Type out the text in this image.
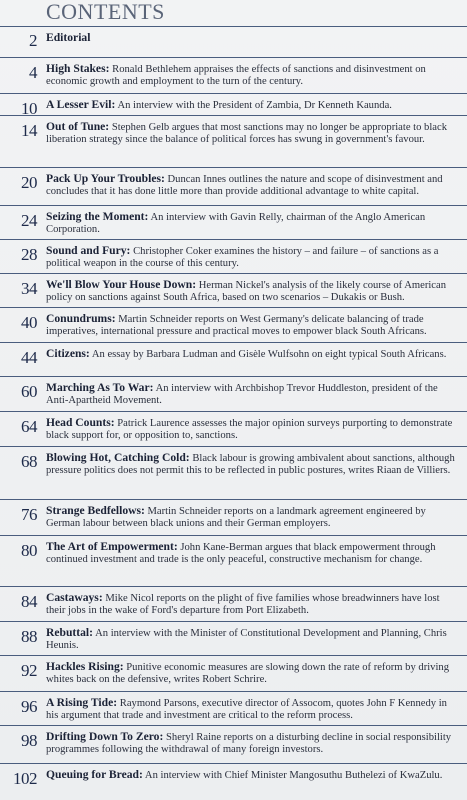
CONTENTS
2 Editorial
4 High Stakes: Ronald Bethlehem appraises the effects of sanctions and disinvestment on economic growth and employment to the turn of the century.
10 A Lesser Evil: An interview with the President of Zambia, Dr Kenneth Kaunda.
14 Out of Tune: Stephen Gelb argues that most sanctions may no longer be appropriate to black liberation strategy since the balance of political forces has swung in government's favour.
20 Pack Up Your Troubles: Duncan Innes outlines the nature and scope of disinvestment and concludes that it has done little more than provide additional advantage to white capital.
24 Seizing the Moment: An interview with Gavin Relly, chairman of the Anglo American Corporation.
28 Sound and Fury: Christopher Coker examines the history – and failure – of sanctions as a political weapon in the course of this century.
34 We'll Blow Your House Down: Herman Nickel's analysis of the likely course of American policy on sanctions against South Africa, based on two scenarios – Dukakis or Bush.
40 Conundrums: Martin Schneider reports on West Germany's delicate balancing of trade imperatives, international pressure and practical moves to empower black South Africans.
44 Citizens: An essay by Barbara Ludman and Gisèle Wulfsohn on eight typical South Africans.
60 Marching As To War: An interview with Archbishop Trevor Huddleston, president of the Anti-Apartheid Movement.
64 Head Counts: Patrick Laurence assesses the major opinion surveys purporting to demonstrate black support for, or opposition to, sanctions.
68 Blowing Hot, Catching Cold: Black labour is growing ambivalent about sanctions, although pressure politics does not permit this to be reflected in public postures, writes Riaan de Villiers.
76 Strange Bedfellows: Martin Schneider reports on a landmark agreement engineered by German labour between black unions and their German employers.
80 The Art of Empowerment: John Kane-Berman argues that black empowerment through continued investment and trade is the only peaceful, constructive mechanism for change.
84 Castaways: Mike Nicol reports on the plight of five families whose breadwinners have lost their jobs in the wake of Ford's departure from Port Elizabeth.
88 Rebuttal: An interview with the Minister of Constitutional Development and Planning, Chris Heunis.
92 Hackles Rising: Punitive economic measures are slowing down the rate of reform by driving whites back on the defensive, writes Robert Schrire.
96 A Rising Tide: Raymond Parsons, executive director of Assocom, quotes John F Kennedy in his argument that trade and investment are critical to the reform process.
98 Drifting Down To Zero: Sheryl Raine reports on a disturbing decline in social responsibility programmes following the withdrawal of many foreign investors.
102 Queuing for Bread: An interview with Chief Minister Mangosuthu Buthelezi of KwaZulu.
